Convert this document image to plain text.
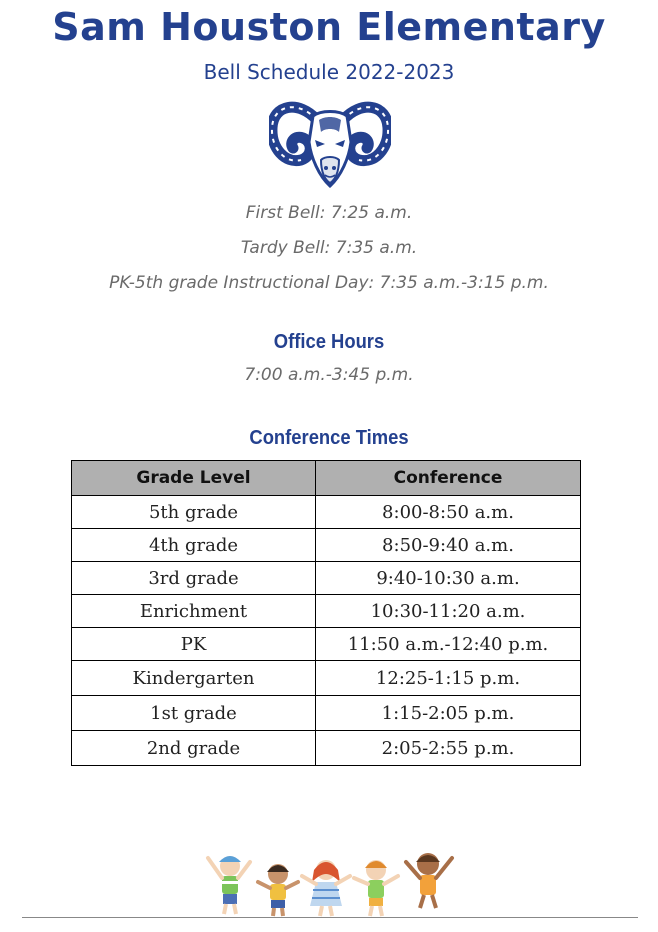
Sam Houston Elementary
Bell Schedule 2022-2023
First Bell: 7:25 a.m.
Tardy Bell: 7:35 a.m.
PK-5th grade Instructional Day: 7:35 a.m.-3:15 p.m.
Office Hours
7:00 a.m.-3:45 p.m.
Conference Times
Grade Level	Conference
5th grade	8:00-8:50 a.m.
4th grade	8:50-9:40 a.m.
3rd grade	9:40-10:30 a.m.
Enrichment	10:30-11:20 a.m.
PK	11:50 a.m.-12:40 p.m.
Kindergarten	12:25-1:15 p.m.
1st grade	1:15-2:05 p.m.
2nd grade	2:05-2:55 p.m.
